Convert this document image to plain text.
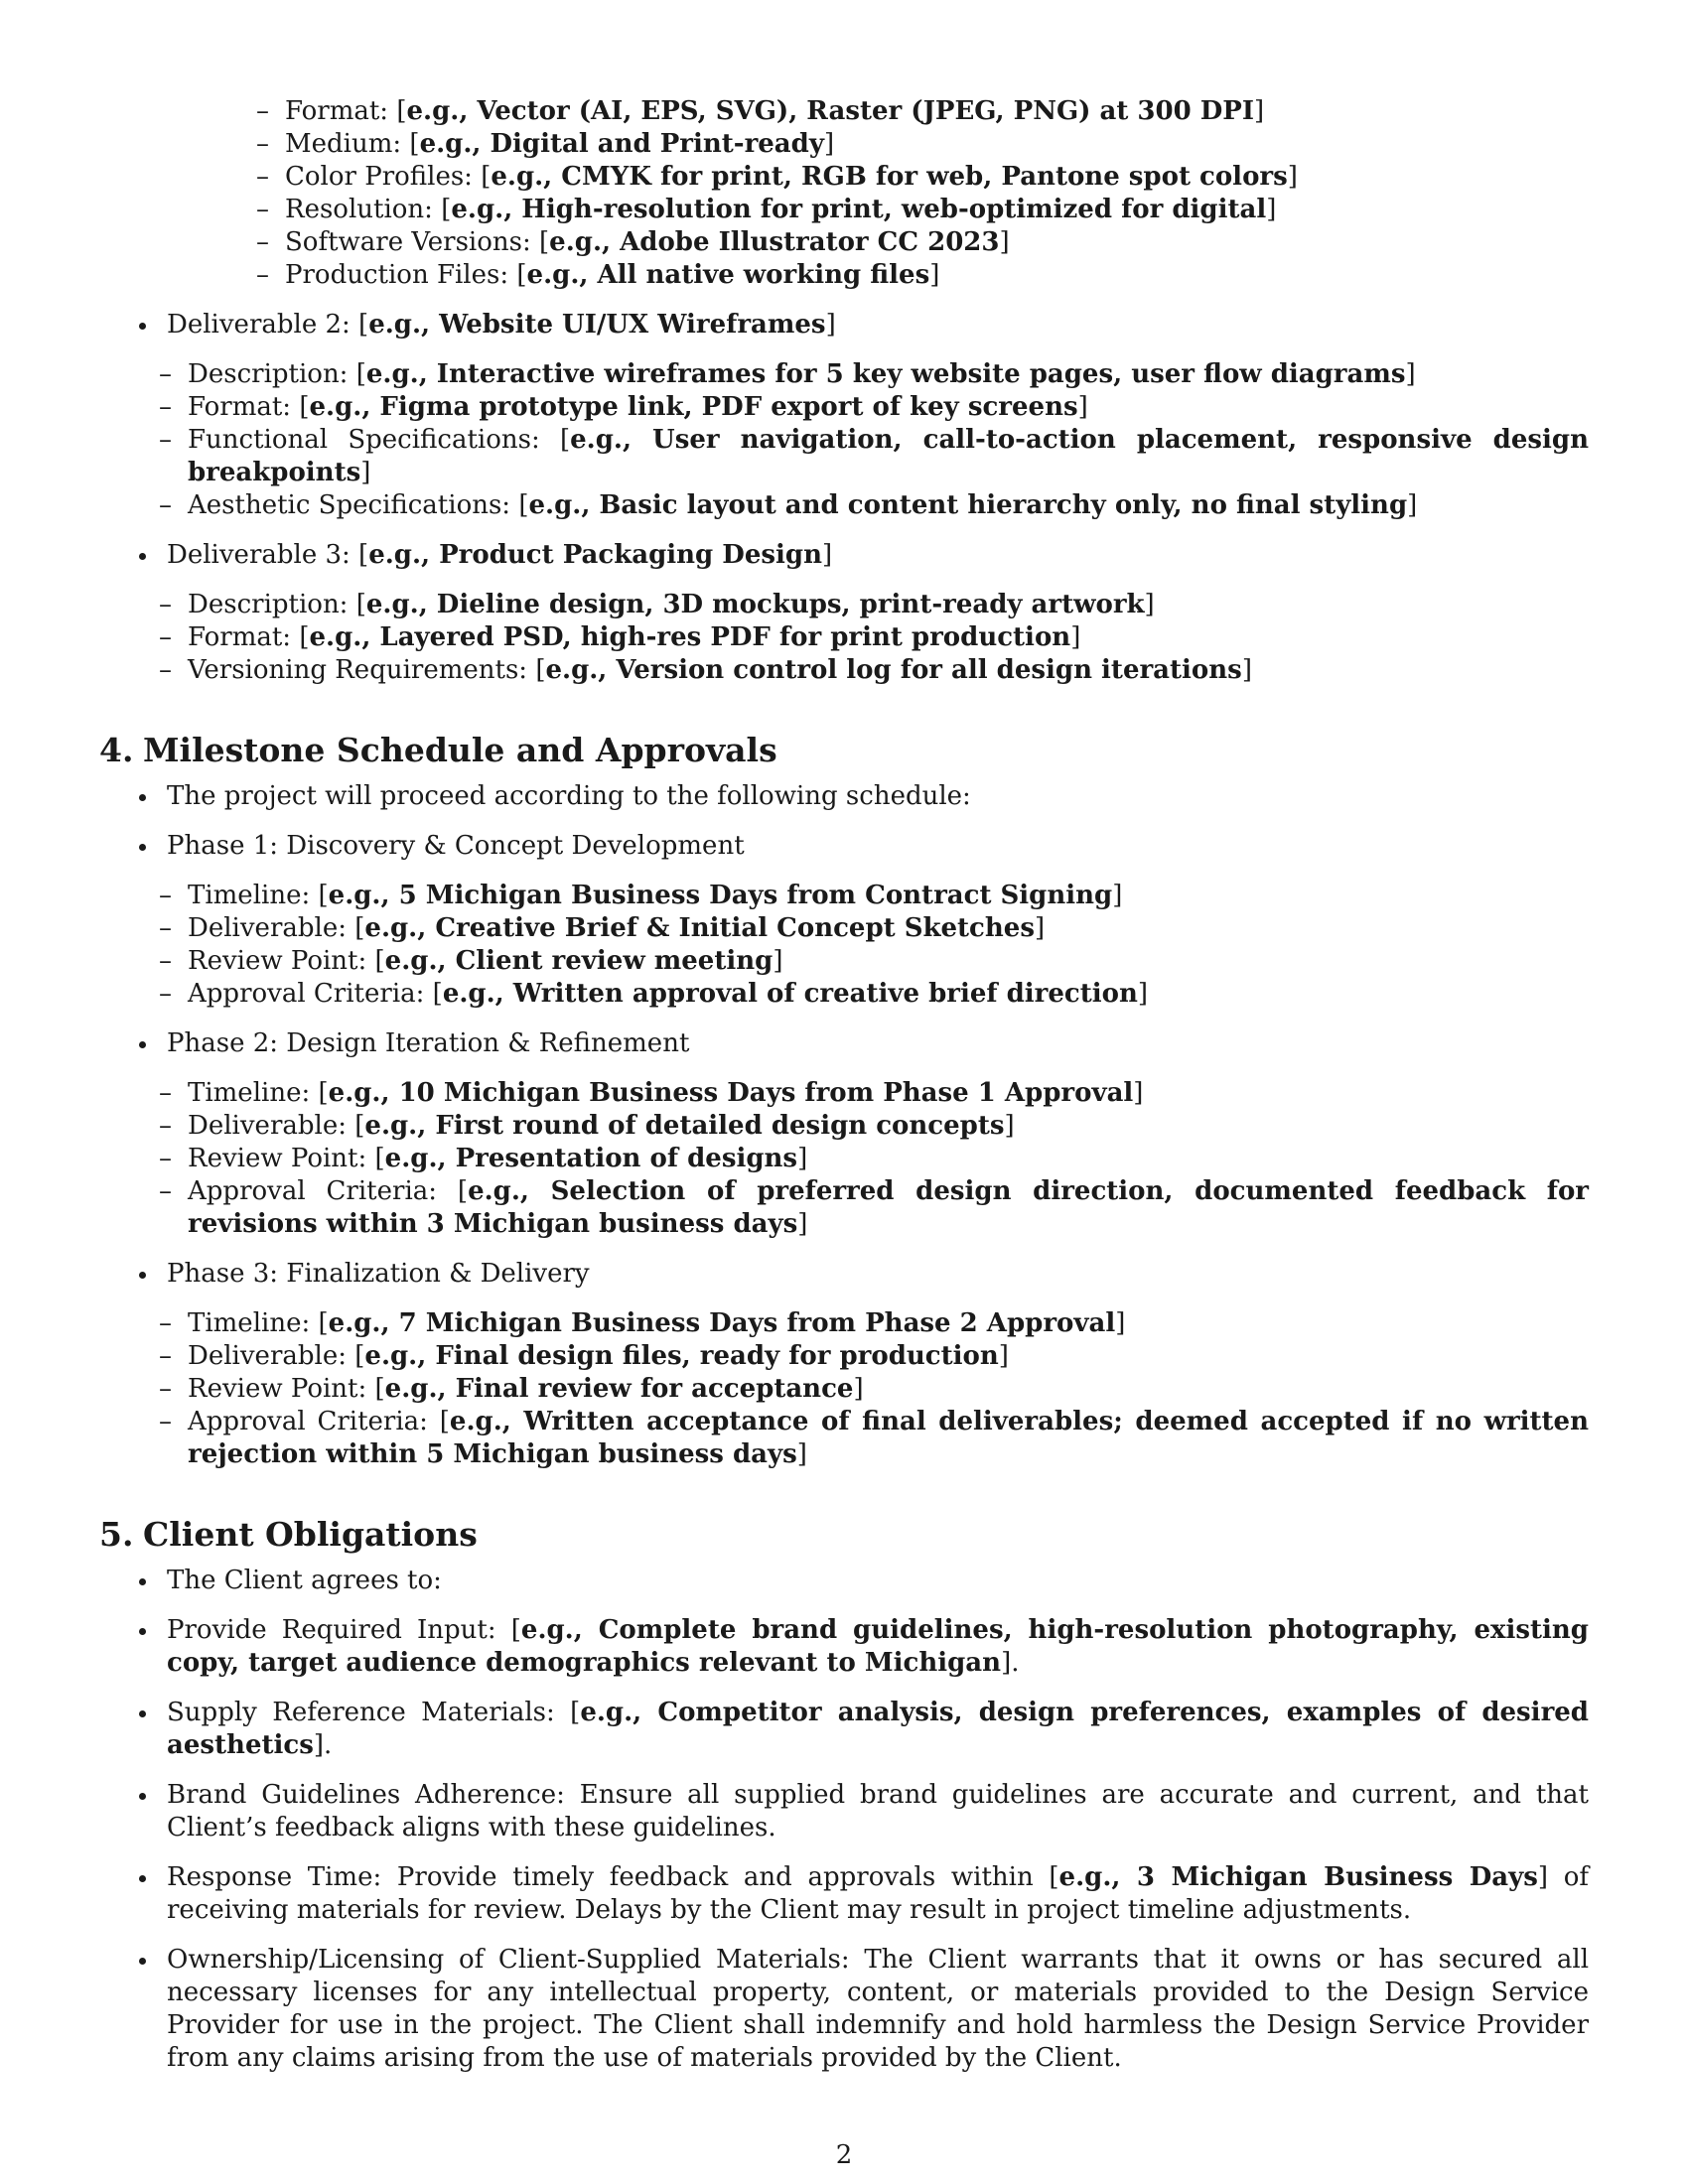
– Format: [e.g., Vector (AI, EPS, SVG), Raster (JPEG, PNG) at 300 DPI]
– Medium: [e.g., Digital and Print-ready]
– Color Profiles: [e.g., CMYK for print, RGB for web, Pantone spot colors]
– Resolution: [e.g., High-resolution for print, web-optimized for digital]
– Software Versions: [e.g., Adobe Illustrator CC 2023]
– Production Files: [e.g., All native working files]
Deliverable 2: [e.g., Website UI/UX Wireframes]
– Description: [e.g., Interactive wireframes for 5 key website pages, user flow diagrams]
– Format: [e.g., Figma prototype link, PDF export of key screens]
– Functional Specifications: [e.g., User navigation, call-to-action placement, responsive design breakpoints]
– Aesthetic Specifications: [e.g., Basic layout and content hierarchy only, no final styling]
Deliverable 3: [e.g., Product Packaging Design]
– Description: [e.g., Dieline design, 3D mockups, print-ready artwork]
– Format: [e.g., Layered PSD, high-res PDF for print production]
– Versioning Requirements: [e.g., Version control log for all design iterations]
4. Milestone Schedule and Approvals
The project will proceed according to the following schedule:
Phase 1: Discovery & Concept Development
– Timeline: [e.g., 5 Michigan Business Days from Contract Signing]
– Deliverable: [e.g., Creative Brief & Initial Concept Sketches]
– Review Point: [e.g., Client review meeting]
– Approval Criteria: [e.g., Written approval of creative brief direction]
Phase 2: Design Iteration & Refinement
– Timeline: [e.g., 10 Michigan Business Days from Phase 1 Approval]
– Deliverable: [e.g., First round of detailed design concepts]
– Review Point: [e.g., Presentation of designs]
– Approval Criteria: [e.g., Selection of preferred design direction, documented feedback for revisions within 3 Michigan business days]
Phase 3: Finalization & Delivery
– Timeline: [e.g., 7 Michigan Business Days from Phase 2 Approval]
– Deliverable: [e.g., Final design files, ready for production]
– Review Point: [e.g., Final review for acceptance]
– Approval Criteria: [e.g., Written acceptance of final deliverables; deemed accepted if no written rejection within 5 Michigan business days]
5. Client Obligations
The Client agrees to:
Provide Required Input: [e.g., Complete brand guidelines, high-resolution photography, existing copy, target audience demographics relevant to Michigan].
Supply Reference Materials: [e.g., Competitor analysis, design preferences, examples of desired aesthetics].
Brand Guidelines Adherence: Ensure all supplied brand guidelines are accurate and current, and that Client’s feedback aligns with these guidelines.
Response Time: Provide timely feedback and approvals within [e.g., 3 Michigan Business Days] of receiving materials for review. Delays by the Client may result in project timeline adjustments.
Ownership/Licensing of Client-Supplied Materials: The Client warrants that it owns or has secured all necessary licenses for any intellectual property, content, or materials provided to the Design Service Provider for use in the project. The Client shall indemnify and hold harmless the Design Service Provider from any claims arising from the use of materials provided by the Client.
2
